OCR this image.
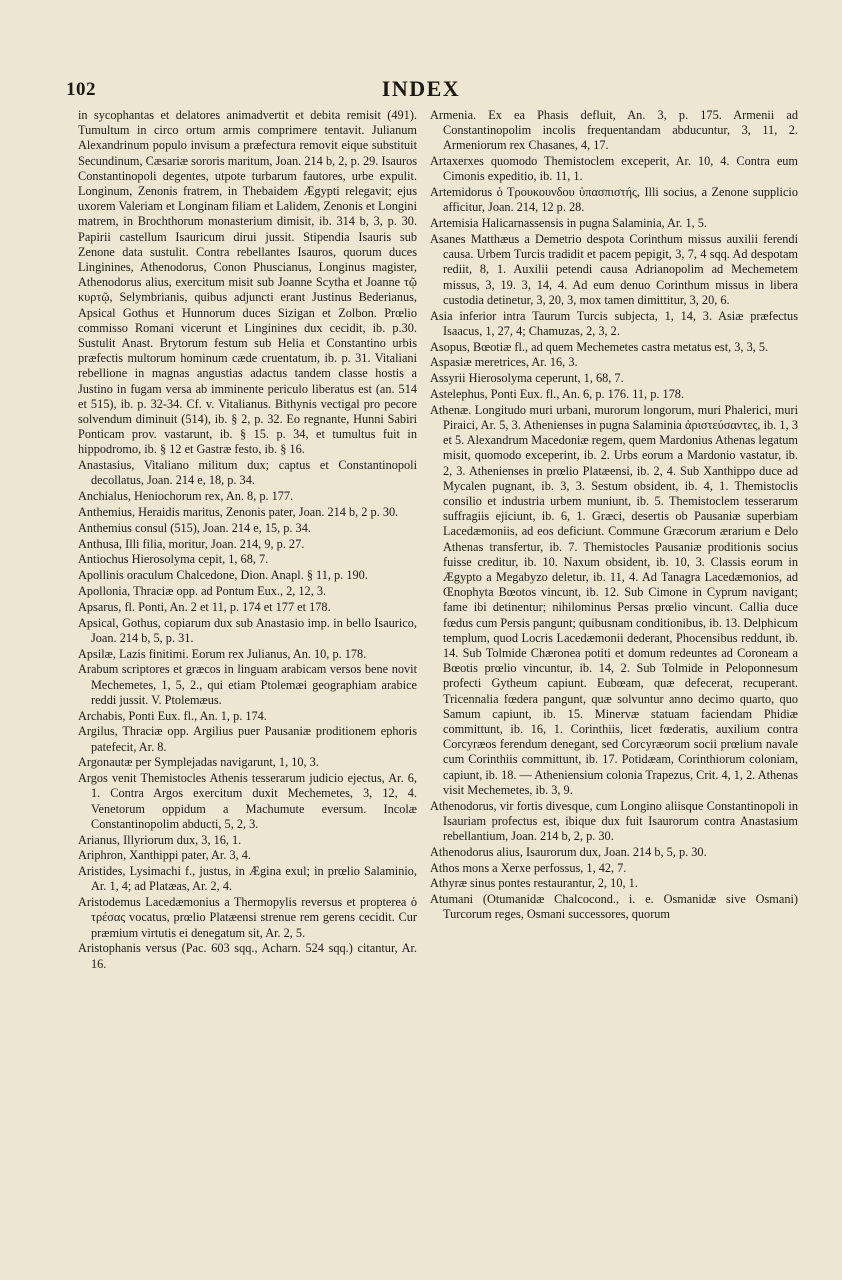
102	INDEX

in sycophantas et delatores animadvertit et debita remisit (491). Tumultum in circo ortum armis comprimere tentavit. Julianum Alexandrinum populo invisum a præfectura removit eique substituit Secundinum, Cæsariæ sororis maritum, Joan. 214 b, 2, p. 29. Isauros Constantinopoli degentes, utpote turbarum fautores, urbe expulit. Longinum, Zenonis fratrem, in Thebaidem Ægypti relegavit; ejus uxorem Valeriam et Longinam filiam et Lalidem, Zenonis et Longini matrem, in Brochthorum monasterium dimisit, ib. 314 b, 3, p. 30. Papirii castellum Isauricum dirui jussit. Stipendia Isauris sub Zenone data sustulit. Contra rebellantes Isauros, quorum duces Linginines, Athenodorus, Conon Phuscianus, Longinus magister, Athenodorus alius, exercitum misit sub Joanne Scytha et Joanne τῷ κυρτῷ, Selymbrianis, quibus adjuncti erant Justinus Bederianus, Apsical Gothus et Hunnorum duces Sizigan et Zolbon. Prœlio commisso Romani vicerunt et Linginines dux cecidit, ib. p.30. Sustulit Anast. Brytorum festum sub Helia et Constantino urbis præfectis multorum hominum cæde cruentatum, ib. p. 31. Vitaliani rebellione in magnas angustias adactus tandem classe hostis a Justino in fugam versa ab imminente periculo liberatus est (an. 514 et 515), ib. p. 32-34. Cf. v. Vitalianus. Bithynis vectigal pro pecore solvendum diminuit (514), ib. § 2, p. 32. Eo regnante, Hunni Sabiri Ponticam prov. vastarunt, ib. § 15. p. 34, et tumultus fuit in hippodromo, ib. § 12 et Gastræ festo, ib. § 16.

Anastasius, Vitaliano militum dux; captus et Constantinopoli decollatus, Joan. 214 e, 18, p. 34.

Anchialus, Heniochorum rex, An. 8, p. 177.

Anthemius, Heraidis maritus, Zenonis pater, Joan. 214 b, 2 p. 30.

Anthemius consul (515), Joan. 214 e, 15, p. 34.

Anthusa, Illi filia, moritur, Joan. 214, 9, p. 27.

Antiochus Hierosolyma cepit, 1, 68, 7.

Apollinis oraculum Chalcedone, Dion. Anapl. § 11, p. 190.

Apollonia, Thraciæ opp. ad Pontum Eux., 2, 12, 3.

Apsarus, fl. Ponti, An. 2 et 11, p. 174 et 177 et 178.

Apsical, Gothus, copiarum dux sub Anastasio imp. in bello Isaurico, Joan. 214 b, 5, p. 31.

Apsilæ, Lazis finitimi. Eorum rex Julianus, An. 10, p. 178.

Arabum scriptores et græcos in linguam arabicam versos bene novit Mechemetes, 1, 5, 2., qui etiam Ptolemæi geographiam arabice reddi jussit. V. Ptolemæus.

Archabis, Ponti Eux. fl., An. 1, p. 174.

Argilus, Thraciæ opp. Argilius puer Pausaniæ proditionem ephoris patefecit, Ar. 8.

Argonautæ per Symplejadas navigarunt, 1, 10, 3.

Argos venit Themistocles Athenis tesserarum judicio ejectus, Ar. 6, 1. Contra Argos exercitum duxit Mechemetes, 3, 12, 4. Venetorum oppidum a Machumute eversum. Incolæ Constantinopolim abducti, 5, 2, 3.

Arianus, Illyriorum dux, 3, 16, 1.

Ariphron, Xanthippi pater, Ar. 3, 4.

Aristides, Lysimachi f., justus, in Ægina exul; in prœlio Salaminio, Ar. 1, 4; ad Platæas, Ar. 2, 4.

Aristodemus Lacedæmonius a Thermopylis reversus et propterea ὁ τρέσας vocatus, prœlio Platæensi strenue rem gerens cecidit. Cur præmium virtutis ei denegatum sit, Ar. 2, 5.

Aristophanis versus (Pac. 603 sqq., Acharn. 524 sqq.) citantur, Ar. 16.

Armenia. Ex ea Phasis defluit, An. 3, p. 175. Armenii ad Constantinopolim incolis frequentandam abducuntur, 3, 11, 2. Armeniorum rex Chasanes, 4, 17.

Artaxerxes quomodo Themistoclem exceperit, Ar. 10, 4. Contra eum Cimonis expeditio, ib. 11, 1.

Artemidorus ὁ Τρουκουνδου ὑπασπιστής, Illi socius, a Zenone supplicio afficitur, Joan. 214, 12 p. 28.

Artemisia Halicarnassensis in pugna Salaminia, Ar. 1, 5.

Asanes Matthæus a Demetrio despota Corinthum missus auxilii ferendi causa. Urbem Turcis tradidit et pacem pepigit, 3, 7, 4 sqq. Ad despotam rediit, 8, 1. Auxilii petendi causa Adrianopolim ad Mechemetem missus, 3, 19. 3, 14, 4. Ad eum denuo Corinthum missus in libera custodia detinetur, 3, 20, 3, mox tamen dimittitur, 3, 20, 6.

Asia inferior intra Taurum Turcis subjecta, 1, 14, 3. Asiæ præfectus Isaacus, 1, 27, 4; Chamuzas, 2, 3, 2.

Asopus, Bœotiæ fl., ad quem Mechemetes castra metatus est, 3, 3, 5.

Aspasiæ meretrices, Ar. 16, 3.

Assyrii Hierosolyma ceperunt, 1, 68, 7.

Astelephus, Ponti Eux. fl., An. 6, p. 176. 11, p. 178.

Athenæ. Longitudo muri urbani, murorum longorum, muri Phalerici, muri Piraici, Ar. 5, 3. Athenienses in pugna Salaminia ἀριστεύσαντες, ib. 1, 3 et 5. Alexandrum Macedoniæ regem, quem Mardonius Athenas legatum misit, quomodo exceperint, ib. 2. Urbs eorum a Mardonio vastatur, ib. 2, 3. Athenienses in prœlio Platæensi, ib. 2, 4. Sub Xanthippo duce ad Mycalen pugnant, ib. 3, 3. Sestum obsident, ib. 4, 1. Themistoclis consilio et industria urbem muniunt, ib. 5. Themistoclem tesserarum suffragiis ejiciunt, ib. 6, 1. Græci, desertis ob Pausaniæ superbiam Lacedæmoniis, ad eos deficiunt. Commune Græcorum ærarium e Delo Athenas transfertur, ib. 7. Themistocles Pausaniæ proditionis socius fuisse creditur, ib. 10. Naxum obsident, ib. 10, 3. Classis eorum in Ægypto a Megabyzo deletur, ib. 11, 4. Ad Tanagra Lacedæmonios, ad Œnophyta Bœotos vincunt, ib. 12. Sub Cimone in Cyprum navigant; fame ibi detinentur; nihilominus Persas prœlio vincunt. Callia duce fœdus cum Persis pangunt; quibusnam conditionibus, ib. 13. Delphicum templum, quod Locris Lacedæmonii dederant, Phocensibus reddunt, ib. 14. Sub Tolmide Chæronea potiti et domum redeuntes ad Coroneam a Bœotis prœlio vincuntur, ib. 14, 2. Sub Tolmide in Peloponnesum profecti Gytheum capiunt. Eubœam, quæ defecerat, recuperant. Tricennalia fœdera pangunt, quæ solvuntur anno decimo quarto, quo Samum capiunt, ib. 15. Minervæ statuam faciendam Phidiæ committunt, ib. 16, 1. Corinthiis, licet fœderatis, auxilium contra Corcyræos ferendum denegant, sed Corcyræorum socii prœlium navale cum Corinthiis committunt, ib. 17. Potidæam, Corinthiorum coloniam, capiunt, ib. 18. — Atheniensium colonia Trapezus, Crit. 4, 1, 2. Athenas visit Mechemetes, ib. 3, 9.

Athenodorus, vir fortis divesque, cum Longino aliisque Constantinopoli in Isauriam profectus est, ibique dux fuit Isaurorum contra Anastasium rebellantium, Joan. 214 b, 2, p. 30.

Athenodorus alius, Isaurorum dux, Joan. 214 b, 5, p. 30.

Athos mons a Xerxe perfossus, 1, 42, 7.

Athyræ sinus pontes restaurantur, 2, 10, 1.

Atumani (Otumanidæ Chalcocond., i. e. Osmanidæ sive Osmani) Turcorum reges, Osmani successores, quorum
